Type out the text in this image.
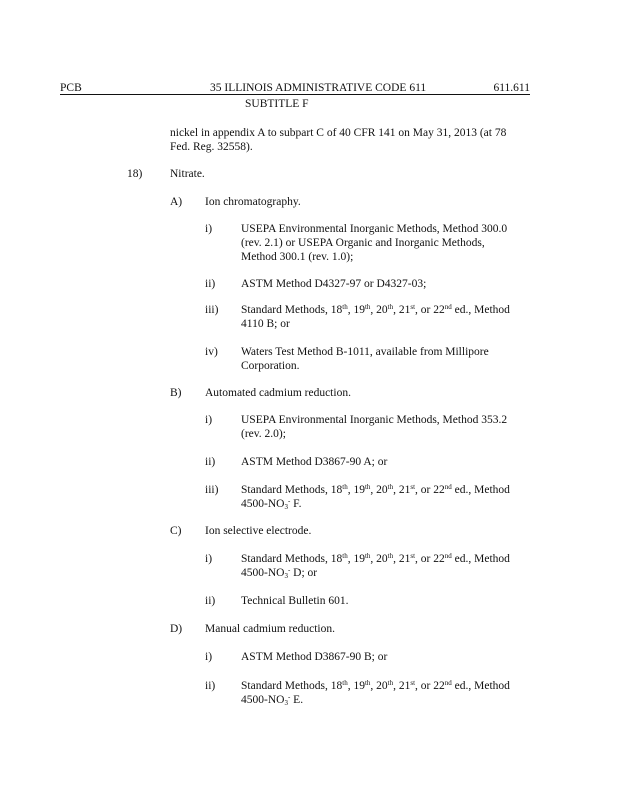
PCB	35 ILLINOIS ADMINISTRATIVE CODE 611	611.611
SUBTITLE F
nickel in appendix A to subpart C of 40 CFR 141 on May 31, 2013 (at 78
Fed. Reg. 32558).
18) Nitrate.
A) Ion chromatography.
i)	USEPA Environmental Inorganic Methods, Method 300.0
(rev. 2.1) or USEPA Organic and Inorganic Methods,
Method 300.1 (rev. 1.0);
ii) ASTM Method D4327-97 or D4327-03;
iii) Standard Methods, 18th, 19th, 20th, 21st, or 22nd ed., Method
4110 B; or
iv) Waters Test Method B-1011, available from Millipore
Corporation.
B) Automated cadmium reduction.
i)	USEPA Environmental Inorganic Methods, Method 353.2
(rev. 2.0);
ii) ASTM Method D3867-90 A; or
iii) Standard Methods, 18th, 19th, 20th, 21st, or 22nd ed., Method
$4500-NO_3^-$ F.
C) Ion selective electrode.
i)	Standard Methods, 18th, 19th, 20th, 21st, or 22nd ed., Method
$4500-NO_3^-$ D; or
ii) Technical Bulletin 601.
D) Manual cadmium reduction.
i)	ASTM Method D3867-90 B; or
ii) Standard Methods, 18th, 19th, 20th, 21st, or 22nd ed., Method
$4500-NO_3^-$ E.
